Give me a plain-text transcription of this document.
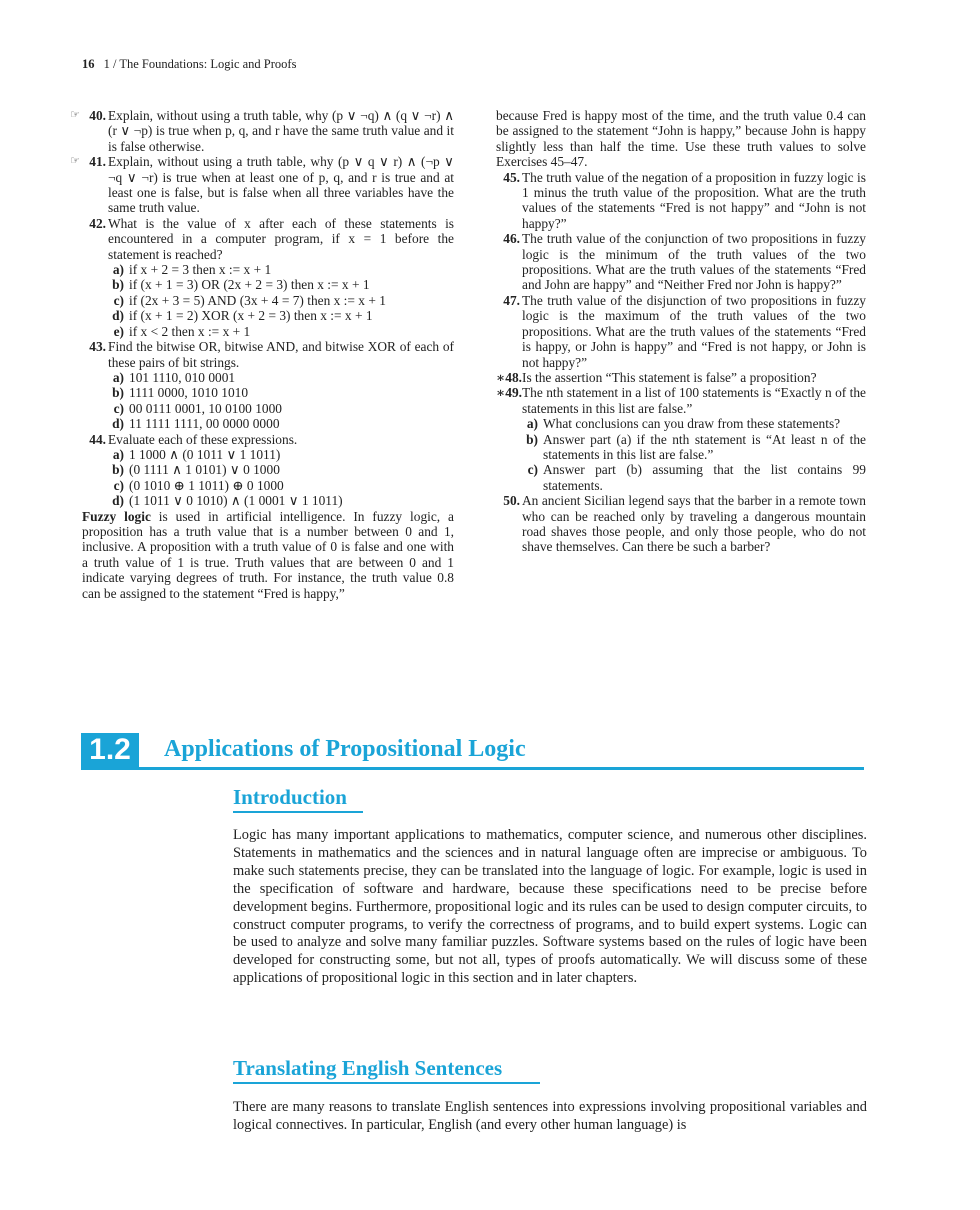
16 1 / The Foundations: Logic and Proofs
☞ 40. Explain, without using a truth table, why (p ∨ ¬q) ∧ (q ∨ ¬r) ∧ (r ∨ ¬p) is true when p, q, and r have the same truth value and it is false otherwise.
☞ 41. Explain, without using a truth table, why (p ∨ q ∨ r) ∧ (¬p ∨ ¬q ∨ ¬r) is true when at least one of p, q, and r is true and at least one is false, but is false when all three variables have the same truth value.
42. What is the value of x after each of these statements is encountered in a computer program, if x = 1 before the statement is reached?
a) if x + 2 = 3 then x := x + 1
b) if (x + 1 = 3) OR (2x + 2 = 3) then x := x + 1
c) if (2x + 3 = 5) AND (3x + 4 = 7) then x := x + 1
d) if (x + 1 = 2) XOR (x + 2 = 3) then x := x + 1
e) if x < 2 then x := x + 1
43. Find the bitwise OR, bitwise AND, and bitwise XOR of each of these pairs of bit strings.
a) 101 1110, 010 0001
b) 1111 0000, 1010 1010
c) 00 0111 0001, 10 0100 1000
d) 11 1111 1111, 00 0000 0000
44. Evaluate each of these expressions.
a) 1 1000 ∧ (0 1011 ∨ 1 1011)
b) (0 1111 ∧ 1 0101) ∨ 0 1000
c) (0 1010 ⊕ 1 1011) ⊕ 0 1000
d) (1 1011 ∨ 0 1010) ∧ (1 0001 ∨ 1 1011)
Fuzzy logic is used in artificial intelligence. In fuzzy logic, a proposition has a truth value that is a number between 0 and 1, inclusive. A proposition with a truth value of 0 is false and one with a truth value of 1 is true. Truth values that are between 0 and 1 indicate varying degrees of truth. For instance, the truth value 0.8 can be assigned to the statement “Fred is happy,”
because Fred is happy most of the time, and the truth value 0.4 can be assigned to the statement “John is happy,” because John is happy slightly less than half the time. Use these truth values to solve Exercises 45–47.
45. The truth value of the negation of a proposition in fuzzy logic is 1 minus the truth value of the proposition. What are the truth values of the statements “Fred is not happy” and “John is not happy?”
46. The truth value of the conjunction of two propositions in fuzzy logic is the minimum of the truth values of the two propositions. What are the truth values of the statements “Fred and John are happy” and “Neither Fred nor John is happy?”
47. The truth value of the disjunction of two propositions in fuzzy logic is the maximum of the truth values of the two propositions. What are the truth values of the statements “Fred is happy, or John is happy” and “Fred is not happy, or John is not happy?”
∗48. Is the assertion “This statement is false” a proposition?
∗49. The nth statement in a list of 100 statements is “Exactly n of the statements in this list are false.”
a) What conclusions can you draw from these statements?
b) Answer part (a) if the nth statement is “At least n of the statements in this list are false.”
c) Answer part (b) assuming that the list contains 99 statements.
50. An ancient Sicilian legend says that the barber in a remote town who can be reached only by traveling a dangerous mountain road shaves those people, and only those people, who do not shave themselves. Can there be such a barber?
1.2	Applications of Propositional Logic
Introduction
Logic has many important applications to mathematics, computer science, and numerous other disciplines. Statements in mathematics and the sciences and in natural language often are imprecise or ambiguous. To make such statements precise, they can be translated into the language of logic. For example, logic is used in the specification of software and hardware, because these specifications need to be precise before development begins. Furthermore, propositional logic and its rules can be used to design computer circuits, to construct computer programs, to verify the correctness of programs, and to build expert systems. Logic can be used to analyze and solve many familiar puzzles. Software systems based on the rules of logic have been developed for constructing some, but not all, types of proofs automatically. We will discuss some of these applications of propositional logic in this section and in later chapters.
Translating English Sentences
There are many reasons to translate English sentences into expressions involving propositional variables and logical connectives. In particular, English (and every other human language) is
